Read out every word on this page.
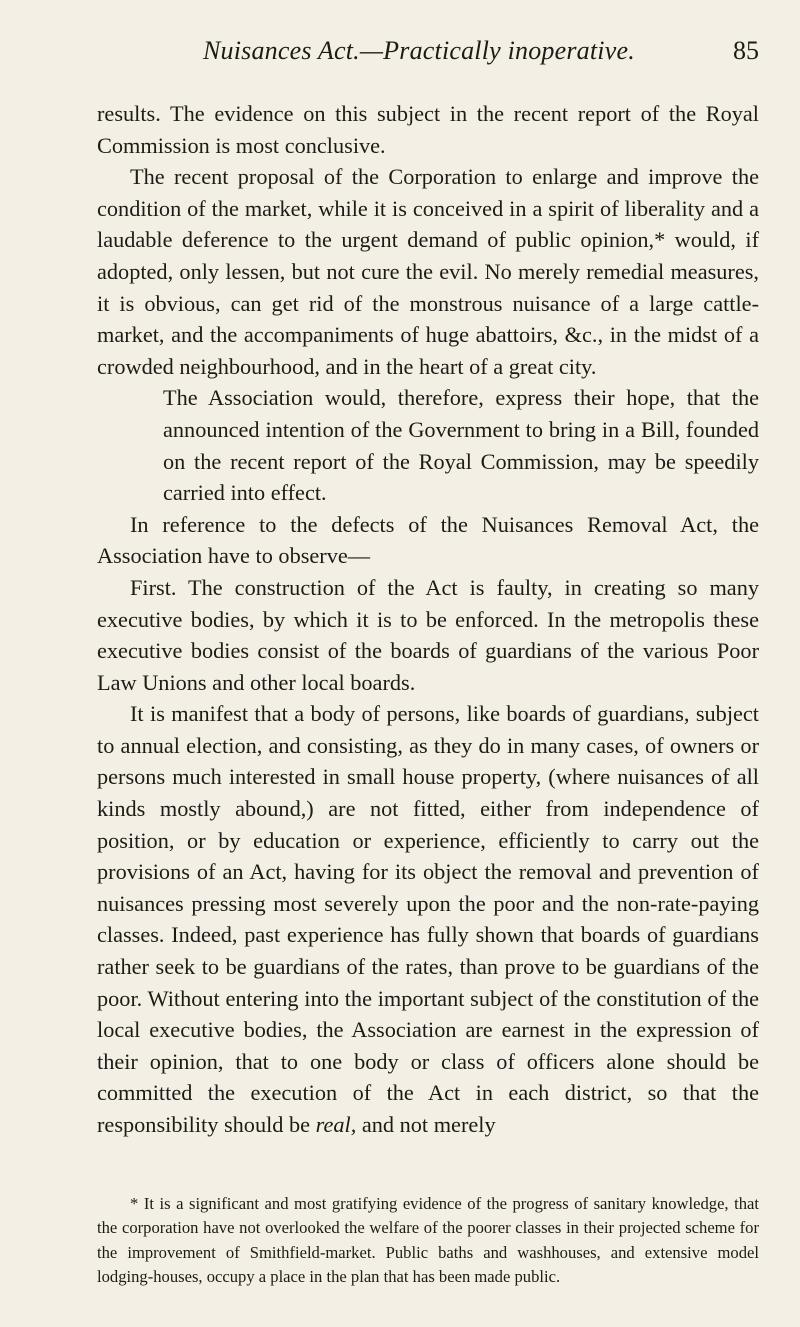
Nuisances Act.—Practically inoperative.	85

results. The evidence on this subject in the recent report of the Royal Commission is most conclusive.

The recent proposal of the Corporation to enlarge and improve the condition of the market, while it is conceived in a spirit of liberality and a laudable deference to the urgent demand of public opinion,* would, if adopted, only lessen, but not cure the evil. No merely remedial measures, it is obvious, can get rid of the monstrous nuisance of a large cattle-market, and the accompaniments of huge abattoirs, &c., in the midst of a crowded neighbourhood, and in the heart of a great city.

The Association would, therefore, express their hope, that the announced intention of the Government to bring in a Bill, founded on the recent report of the Royal Commission, may be speedily carried into effect.

In reference to the defects of the Nuisances Removal Act, the Association have to observe—

First. The construction of the Act is faulty, in creating so many executive bodies, by which it is to be enforced. In the metropolis these executive bodies consist of the boards of guardians of the various Poor Law Unions and other local boards.

It is manifest that a body of persons, like boards of guardians, subject to annual election, and consisting, as they do in many cases, of owners or persons much interested in small house property, (where nuisances of all kinds mostly abound,) are not fitted, either from independence of position, or by education or experience, efficiently to carry out the provisions of an Act, having for its object the removal and prevention of nuisances pressing most severely upon the poor and the non-rate-paying classes. Indeed, past experience has fully shown that boards of guardians rather seek to be guardians of the rates, than prove to be guardians of the poor. Without entering into the important subject of the constitution of the local executive bodies, the Association are earnest in the expression of their opinion, that to one body or class of officers alone should be committed the execution of the Act in each district, so that the responsibility should be real, and not merely

* It is a significant and most gratifying evidence of the progress of sanitary knowledge, that the corporation have not overlooked the welfare of the poorer classes in their projected scheme for the improvement of Smithfield-market. Public baths and washhouses, and extensive model lodging-houses, occupy a place in the plan that has been made public.
